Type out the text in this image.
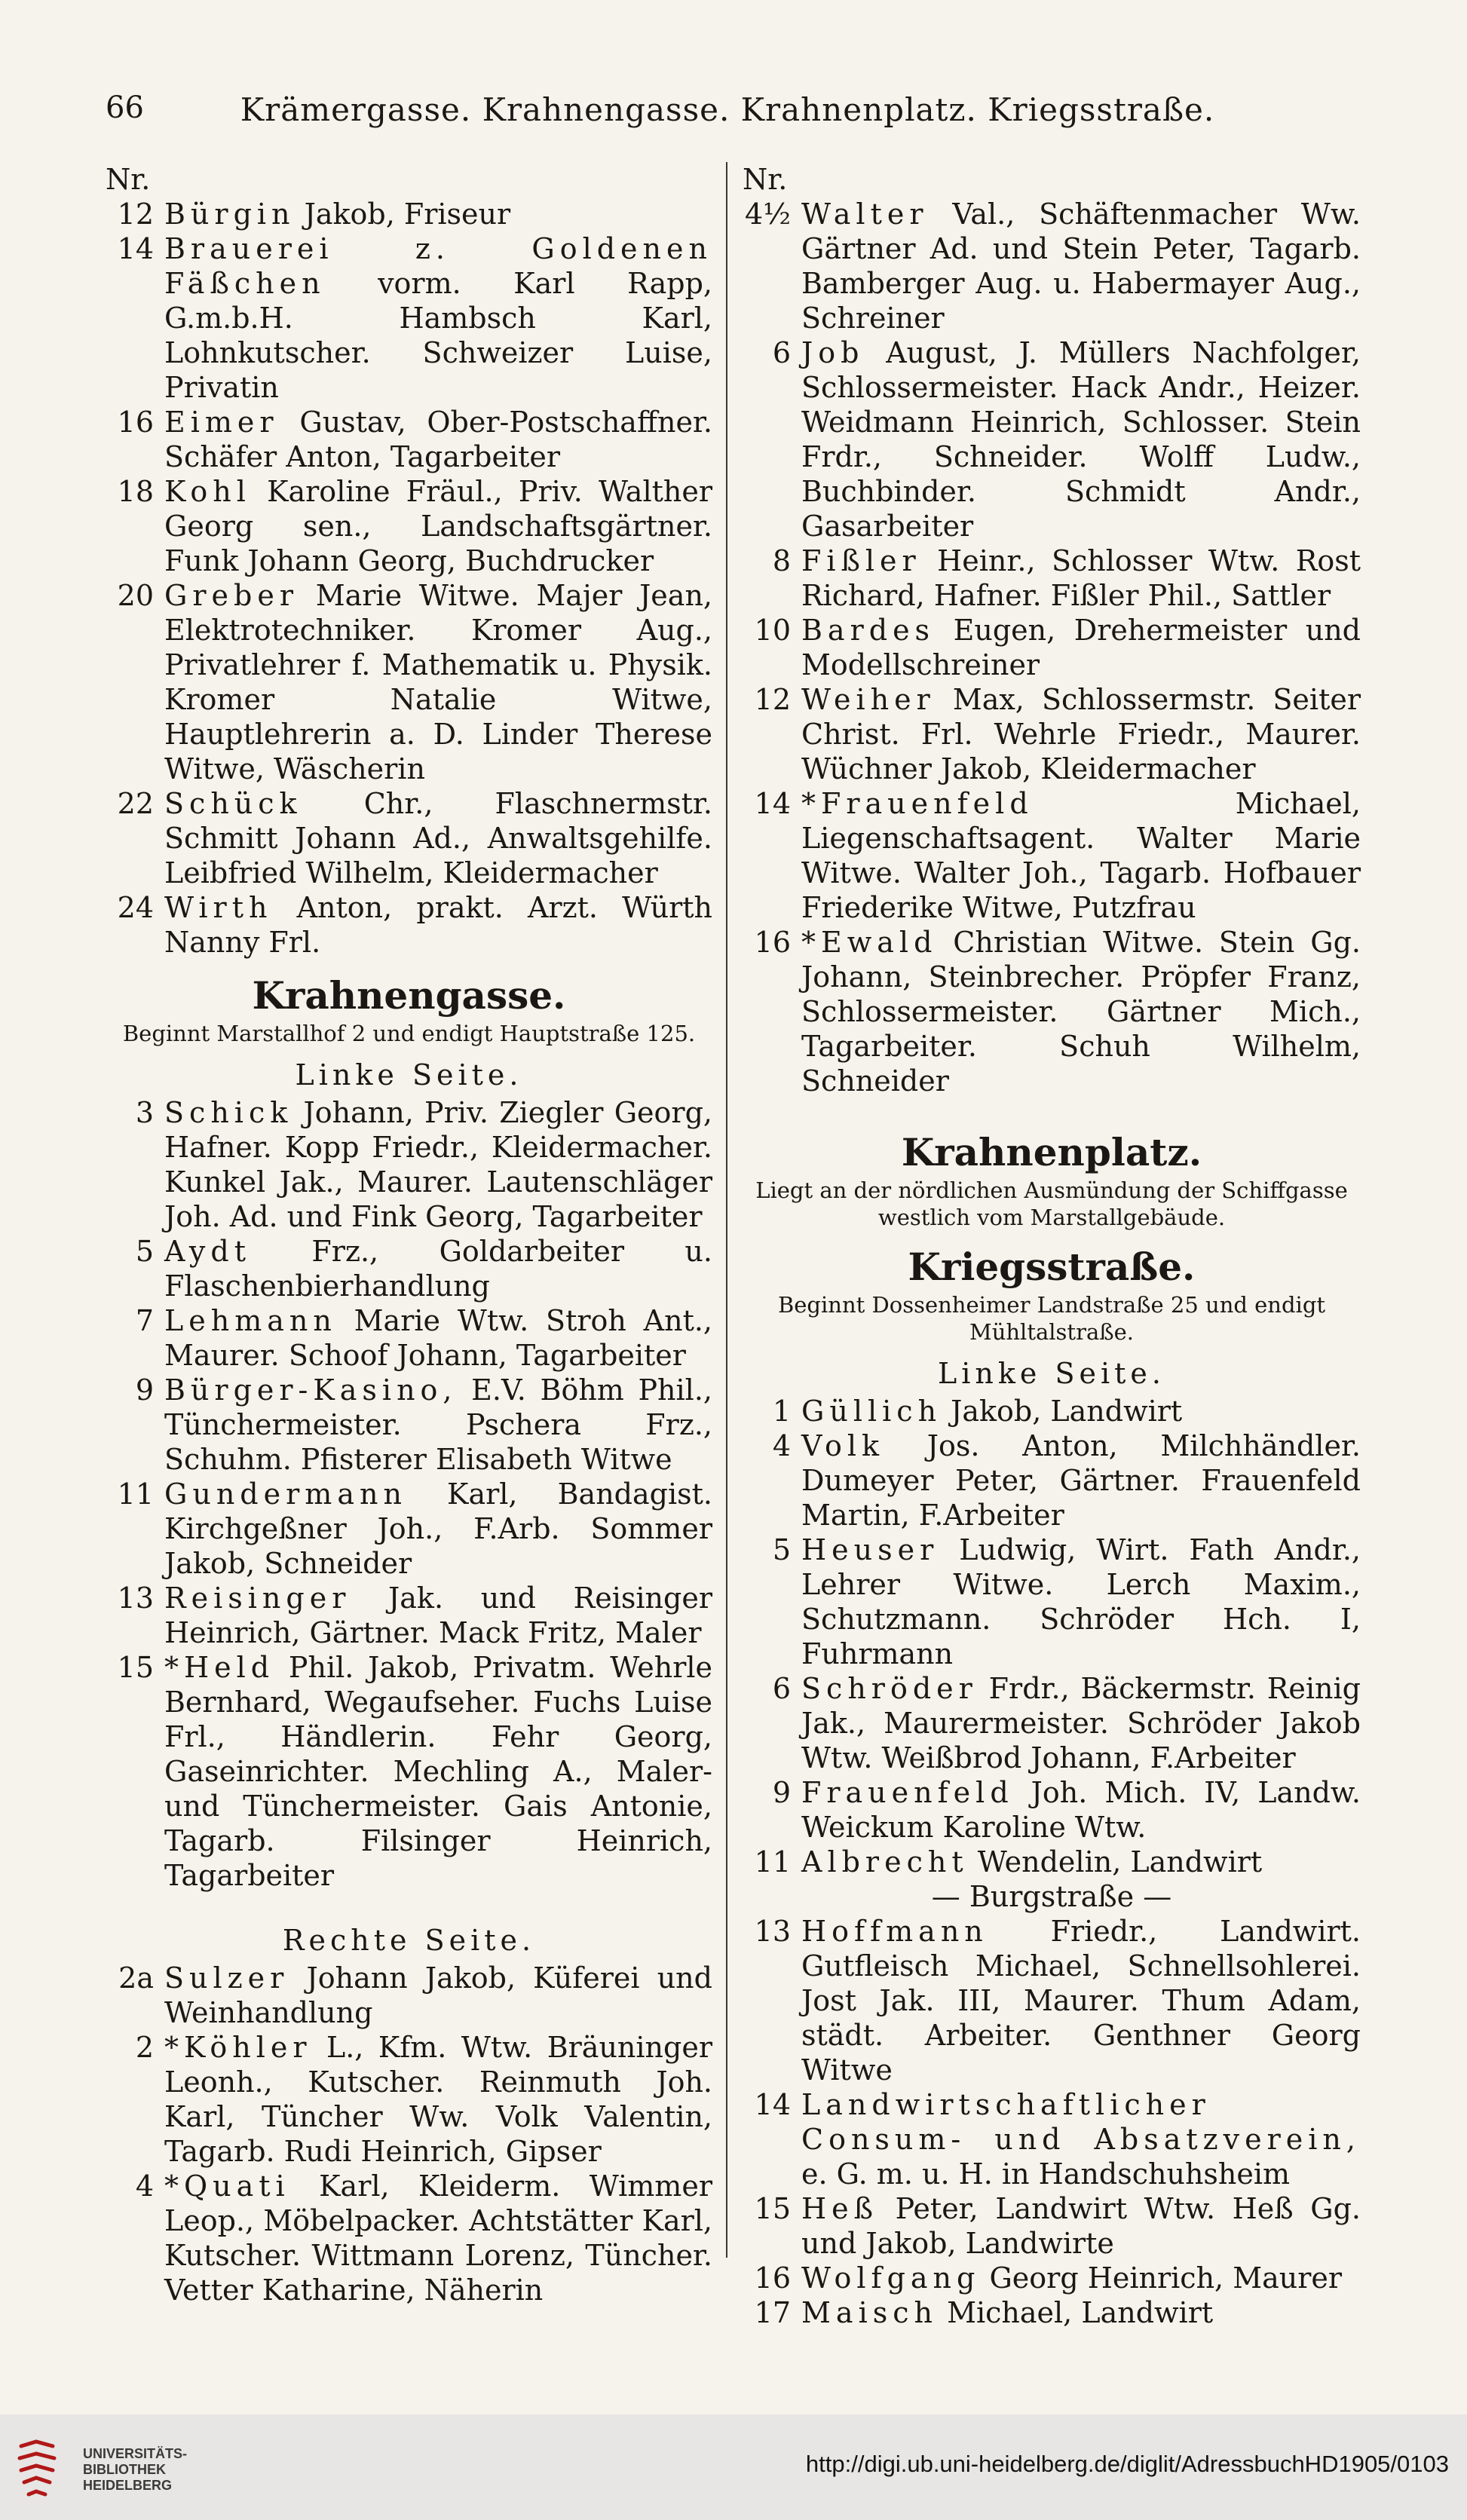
66	Krämergasse. Krahnengasse. Krahnenplatz. Kriegsstraße.
Nr.
12 Bürgin Jakob, Friseur
14 Brauerei z. Goldenen Fäßchen vorm. Karl Rapp, G.m.b.H. Hambsch Karl, Lohnkutscher. Schweizer Luise, Privatin
16 Eimer Gustav, Ober-Postschaffner. Schäfer Anton, Tagarbeiter
18 Kohl Karoline Fräul., Priv. Walther Georg sen., Landschaftsgärtner. Funk Johann Georg, Buchdrucker
20 Greber Marie Witwe. Majer Jean, Elektrotechniker. Kromer Aug., Privatlehrer f. Mathematik u. Physik. Kromer Natalie Witwe, Hauptlehrerin a. D. Linder Therese Witwe, Wäscherin
22 Schück Chr., Flaschnermstr. Schmitt Johann Ad., Anwaltsgehilfe. Leibfried Wilhelm, Kleidermacher
24 Wirth Anton, prakt. Arzt. Würth Nanny Frl.
Krahnengasse.
Beginnt Marstallhof 2 und endigt Hauptstraße 125.
Linke Seite.
3 Schick Johann, Priv. Ziegler Georg, Hafner. Kopp Friedr., Kleidermacher. Kunkel Jak., Maurer. Lautenschläger Joh. Ad. und Fink Georg, Tagarbeiter
5 Aydt Frz., Goldarbeiter u. Flaschenbierhandlung
7 Lehmann Marie Wtw. Stroh Ant., Maurer. Schoof Johann, Tagarbeiter
9 Bürger-Kasino, E.V. Böhm Phil., Tünchermeister. Pschera Frz., Schuhm. Pfisterer Elisabeth Witwe
11 Gundermann Karl, Bandagist. Kirchgeßner Joh., F.Arb. Sommer Jakob, Schneider
13 Reisinger Jak. und Reisinger Heinrich, Gärtner. Mack Fritz, Maler
15 *Held Phil. Jakob, Privatm. Wehrle Bernhard, Wegaufseher. Fuchs Luise Frl., Händlerin. Fehr Georg, Gaseinrichter. Mechling A., Maler- und Tünchermeister. Gais Antonie, Tagarb. Filsinger Heinrich, Tagarbeiter
Rechte Seite.
2a Sulzer Johann Jakob, Küferei und Weinhandlung
2 *Köhler L., Kfm. Wtw. Bräuninger Leonh., Kutscher. Reinmuth Joh. Karl, Tüncher Ww. Volk Valentin, Tagarb. Rudi Heinrich, Gipser
4 *Quati Karl, Kleiderm. Wimmer Leop., Möbelpacker. Achtstätter Karl, Kutscher. Wittmann Lorenz, Tüncher. Vetter Katharine, Näherin
Nr.
4½ Walter Val., Schäftenmacher Ww. Gärtner Ad. und Stein Peter, Tagarb. Bamberger Aug. u. Habermayer Aug., Schreiner
6 Job August, J. Müllers Nachfolger, Schlossermeister. Hack Andr., Heizer. Weidmann Heinrich, Schlosser. Stein Frdr., Schneider. Wolff Ludw., Buchbinder. Schmidt Andr., Gasarbeiter
8 Fißler Heinr., Schlosser Wtw. Rost Richard, Hafner. Fißler Phil., Sattler
10 Bardes Eugen, Drehermeister und Modellschreiner
12 Weiher Max, Schlossermstr. Seiter Christ. Frl. Wehrle Friedr., Maurer. Wüchner Jakob, Kleidermacher
14 *Frauenfeld Michael, Liegenschaftsagent. Walter Marie Witwe. Walter Joh., Tagarb. Hofbauer Friederike Witwe, Putzfrau
16 *Ewald Christian Witwe. Stein Gg. Johann, Steinbrecher. Pröpfer Franz, Schlossermeister. Gärtner Mich., Tagarbeiter. Schuh Wilhelm, Schneider
Krahnenplatz.
Liegt an der nördlichen Ausmündung der Schiffgasse westlich vom Marstallgebäude.
Kriegsstraße.
Beginnt Dossenheimer Landstraße 25 und endigt Mühltalstraße.
Linke Seite.
1 Güllich Jakob, Landwirt
4 Volk Jos. Anton, Milchhändler. Dumeyer Peter, Gärtner. Frauenfeld Martin, F.Arbeiter
5 Heuser Ludwig, Wirt. Fath Andr., Lehrer Witwe. Lerch Maxim., Schutzmann. Schröder Hch. I, Fuhrmann
6 Schröder Frdr., Bäckermstr. Reinig Jak., Maurermeister. Schröder Jakob Wtw. Weißbrod Johann, F.Arbeiter
9 Frauenfeld Joh. Mich. IV, Landw. Weickum Karoline Wtw.
11 Albrecht Wendelin, Landwirt
— Burgstraße —
13 Hoffmann Friedr., Landwirt. Gutfleisch Michael, Schnellsohlerei. Jost Jak. III, Maurer. Thum Adam, städt. Arbeiter. Genthner Georg Witwe
14 Landwirtschaftlicher Consum- und Absatzverein, e. G. m. u. H. in Handschuhsheim
15 Heß Peter, Landwirt Wtw. Heß Gg. und Jakob, Landwirte
16 Wolfgang Georg Heinrich, Maurer
17 Maisch Michael, Landwirt
UNIVERSITÄTS-
BIBLIOTHEK
HEIDELBERG
http://digi.ub.uni-heidelberg.de/diglit/AdressbuchHD1905/0103
